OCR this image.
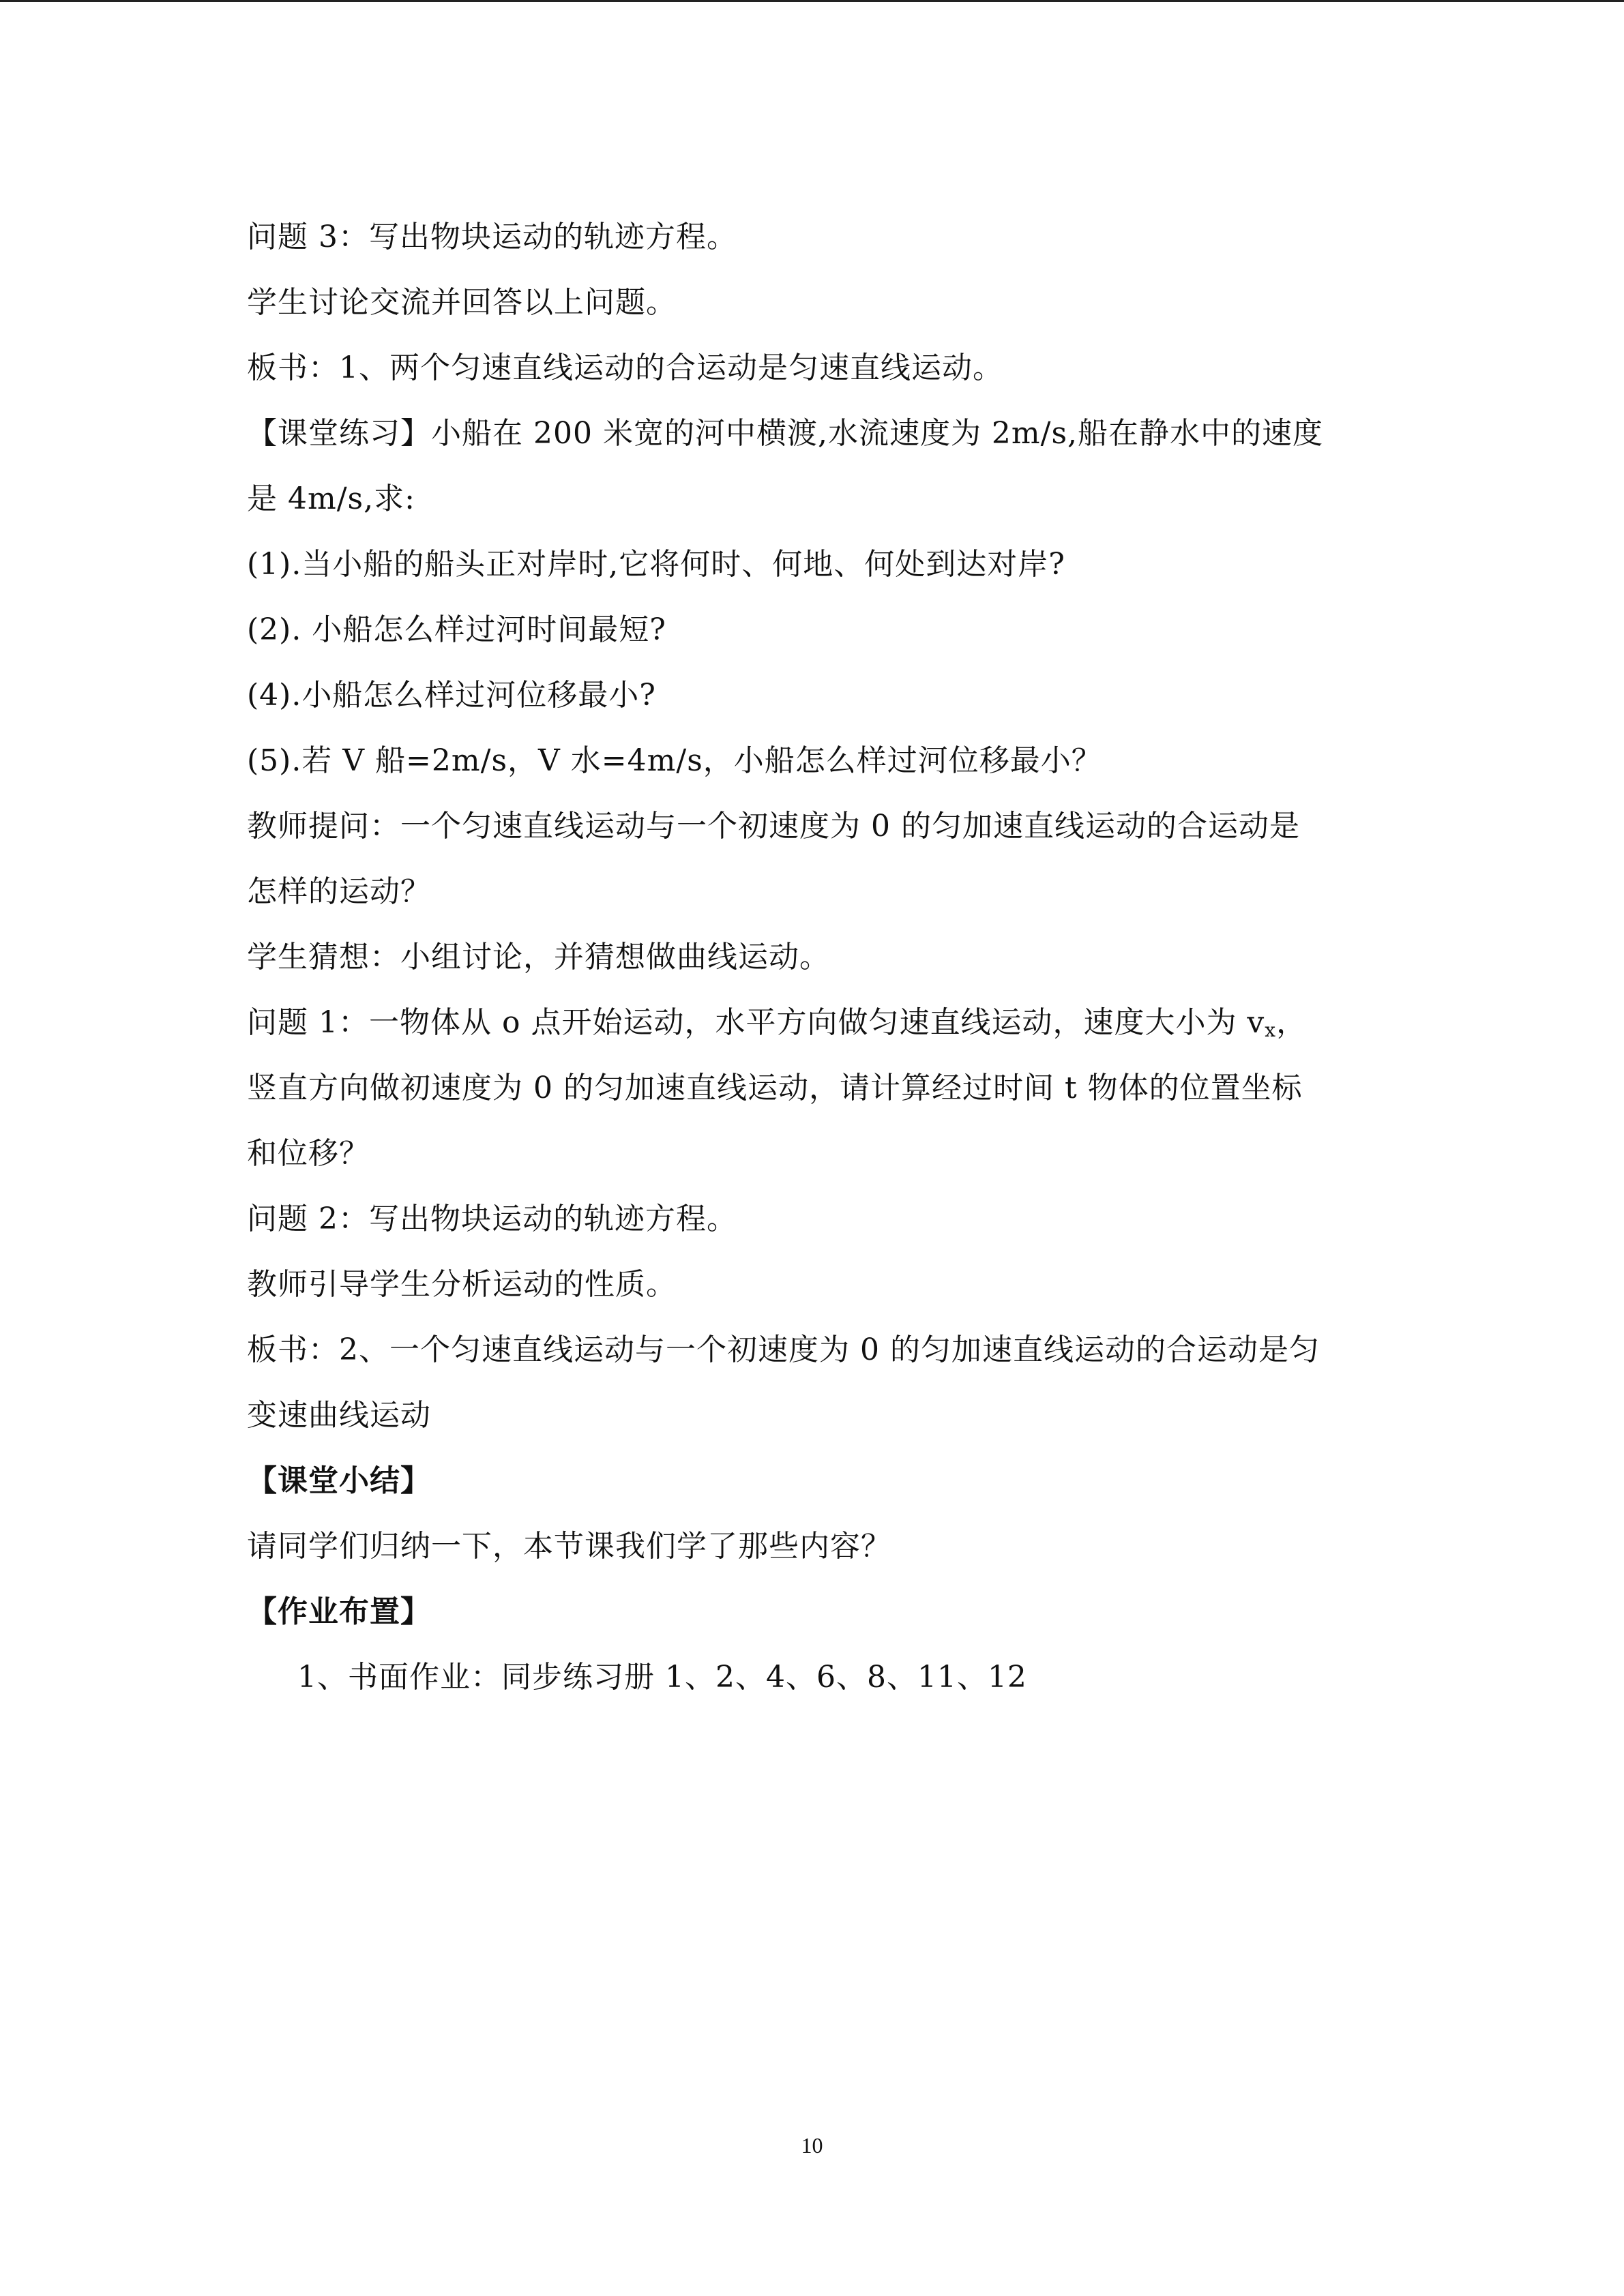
问题 3：写出物块运动的轨迹方程。
学生讨论交流并回答以上问题。
板书：1、两个匀速直线运动的合运动是匀速直线运动。
【课堂练习】小船在 200 米宽的河中横渡,水流速度为 2m/s,船在静水中的速度
是 4m/s,求:
(1).当小船的船头正对岸时,它将何时、何地、何处到达对岸?
(2). 小船怎么样过河时间最短?
(4).小船怎么样过河位移最小?
(5).若 V 船=2m/s，V 水=4m/s，小船怎么样过河位移最小？
教师提问：一个匀速直线运动与一个初速度为 0 的匀加速直线运动的合运动是
怎样的运动？
学生猜想：小组讨论，并猜想做曲线运动。
问题 1：一物体从 o 点开始运动，水平方向做匀速直线运动，速度大小为 $v_x$，
竖直方向做初速度为 0 的匀加速直线运动，请计算经过时间 t 物体的位置坐标
和位移？
问题 2：写出物块运动的轨迹方程。
教师引导学生分析运动的性质。
板书：2、一个匀速直线运动与一个初速度为 0 的匀加速直线运动的合运动是匀
变速曲线运动
【课堂小结】
请同学们归纳一下，本节课我们学了那些内容？
【作业布置】
1、书面作业：同步练习册 1、2、4、6、8、11、12
10
